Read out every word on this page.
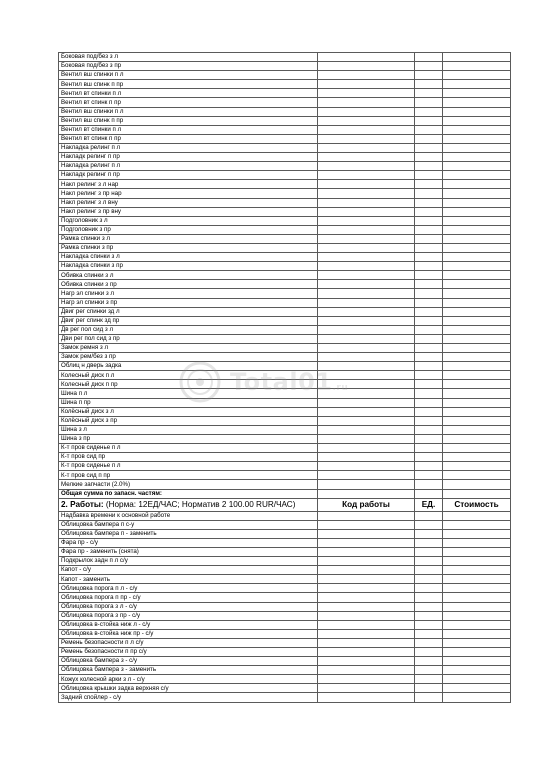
Боковая под/без з л			
Боковая под/без з пр			
Вентил вш спинки п л			
Вентил вш спинк п пр			
Вентил вт спинки п л			
Вентил вт спинк п пр			
Вентил вш спинки п л			
Вентил вш спинк п пр			
Вентил вт спинки п л			
Вентил вт спинк п пр			
Накладка релинг п л			
Накладк релинг п пр			
Накладка релинг п л			
Накладк релинг п пр			
Накл релинг з л нар			
Накл релинг з пр нар			
Накл релинг з л вну			
Накл релинг з пр вну			
Подголовник з л			
Подголовник з пр			
Рамка спинки з л			
Рамка спинки з пр			
Накладка спинки з л			
Накладка спинки з пр			
Обивка спинки з л			
Обивка спинки з пр			
Нагр эл спинки з л			
Нагр эл спинки з пр			
Двиг рег спинки зд л			
Двиг рег спинк зд пр			
Дв рег пол сид з л			
Дви рег пол сид з пр			
Замок ремня з л			
Замок рем/без з пр			
Облиц н дверь задка			
Колесный диск п л			
Колесный диск п пр			
Шина п л			
Шина п пр			
Колёсный диск з л			
Колёсный диск з пр			
Шина з л			
Шина з пр			
К-т пров сиденье п л			
К-т пров сид пр			
К-т пров сиденье п л			
К-т пров сид п пр			
Мелкие запчасти (2.0%)			
Общая сумма по запасн. частям:			
2. Работы: (Норма: 12ЕД/ЧАС; Норматив 2 100.00 RUR/ЧАС)	Код работы	ЕД.	Стоимость
Надбавка времени к основной работе			
Облицовка бампера п с-у			
Облицовка бампера п - заменить			
Фара пр - с/у			
Фара пр - заменить (снята)			
Подкрылок задн п л с/у			
Капот - с/у			
Капот - заменить			
Облицовка порога п л - с/у			
Облицовка порога п пр - с/у			
Облицовка порога з л - с/у			
Облицовка порога з пр - с/у			
Облицовка в-стойка ниж л - с/у			
Облицовка в-стойка ниж пр - с/у			
Ремень безопасности п л с/у			
Ремень безопасности п пр с/у			
Облицовка бампера з - с/у			
Облицовка бампера з - заменить			
Кожух колесной арки з л - с/у			
Облицовка крышки задка верхняя с/у			
Задний спойлер - с/у			
Total01.ru
